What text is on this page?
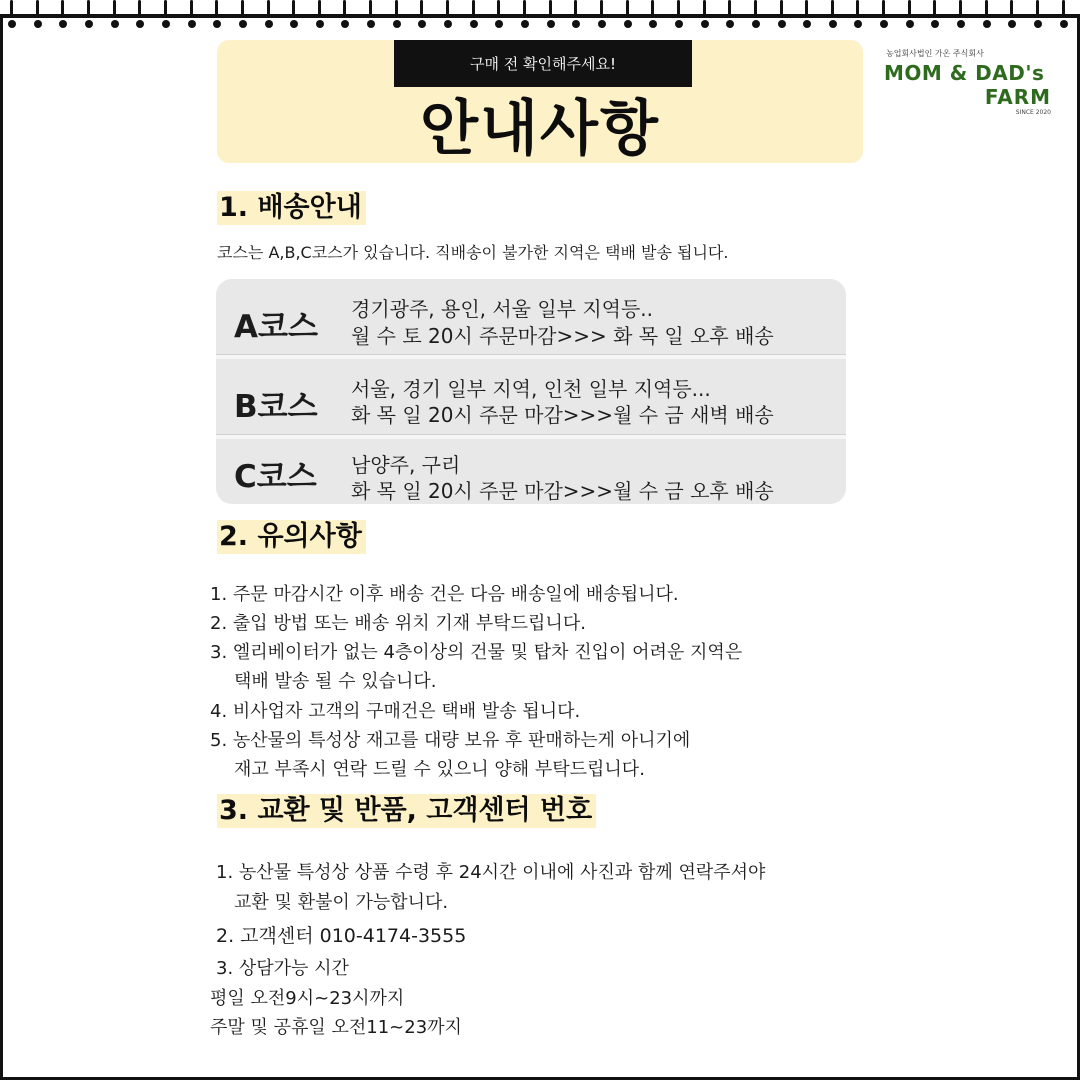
구매 전 확인해주세요!
안내사항
농업회사법인 가온 주식회사
MOM & DAD's
FARM
SINCE 2020
1. 배송안내
코스는 A,B,C코스가 있습니다. 직배송이 불가한 지역은 택배 발송 됩니다.
A코스 경기광주, 용인, 서울 일부 지역등..
월 수 토 20시 주문마감>>> 화 목 일 오후 배송
B코스 서울, 경기 일부 지역, 인천 일부 지역등...
화 목 일 20시 주문 마감>>>월 수 금 새벽 배송
C코스 남양주, 구리
화 목 일 20시 주문 마감>>>월 수 금 오후 배송
2. 유의사항
1. 주문 마감시간 이후 배송 건은 다음 배송일에 배송됩니다.
2. 출입 방법 또는 배송 위치 기재 부탁드립니다.
3. 엘리베이터가 없는 4층이상의 건물 및 탑차 진입이 어려운 지역은
택배 발송 될 수 있습니다.
4. 비사업자 고객의 구매건은 택배 발송 됩니다.
5. 농산물의 특성상 재고를 대량 보유 후 판매하는게 아니기에
재고 부족시 연락 드릴 수 있으니 양해 부탁드립니다.
3. 교환 및 반품, 고객센터 번호
1. 농산물 특성상 상품 수령 후 24시간 이내에 사진과 함께 연락주셔야
교환 및 환불이 가능합니다.
2. 고객센터 010-4174-3555
3. 상담가능 시간
평일 오전9시~23시까지
주말 및 공휴일 오전11~23까지
